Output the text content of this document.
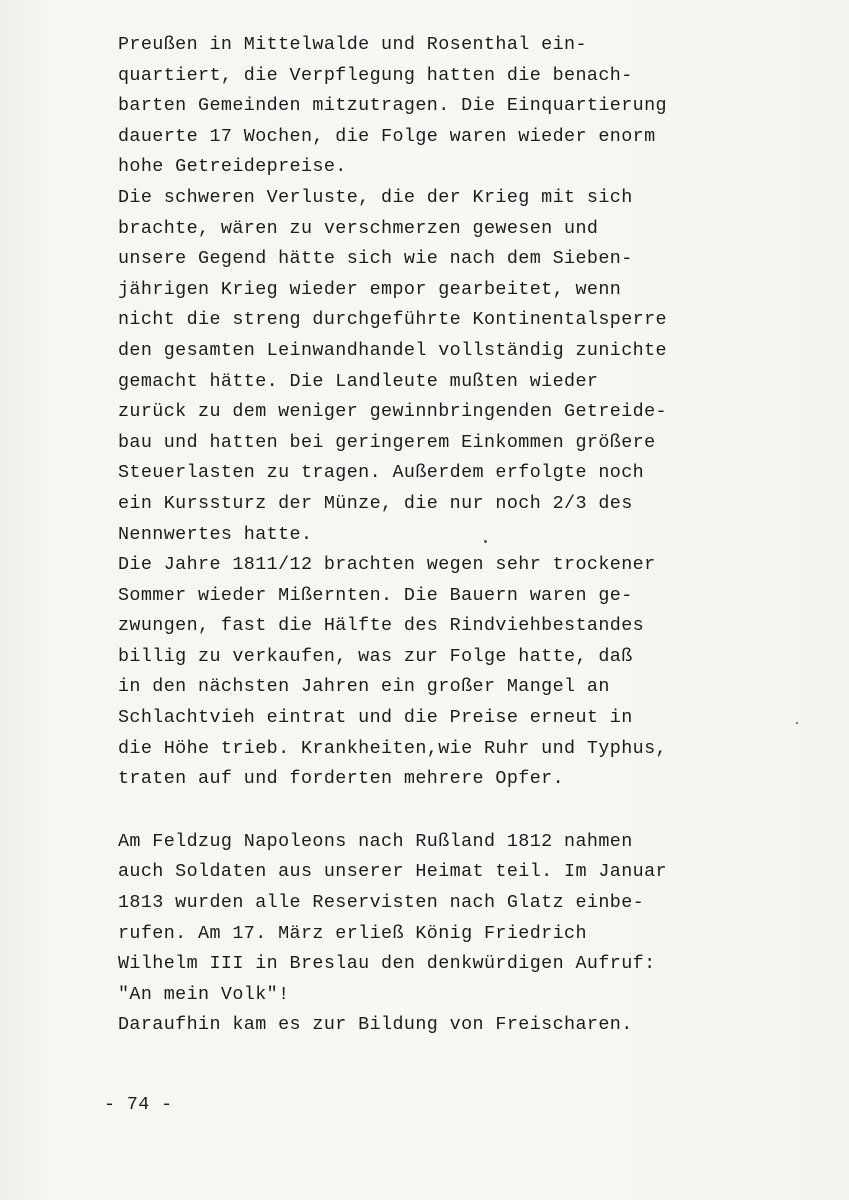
Preußen in Mittelwalde und Rosenthal ein-
quartiert, die Verpflegung hatten die benach-
barten Gemeinden mitzutragen. Die Einquartierung
dauerte 17 Wochen, die Folge waren wieder enorm
hohe Getreidepreise.
Die schweren Verluste, die der Krieg mit sich
brachte, wären zu verschmerzen gewesen und
unsere Gegend hätte sich wie nach dem Sieben-
jährigen Krieg wieder empor gearbeitet, wenn
nicht die streng durchgeführte Kontinentalsperre
den gesamten Leinwandhandel vollständig zunichte
gemacht hätte. Die Landleute mußten wieder
zurück zu dem weniger gewinnbringenden Getreide-
bau und hatten bei geringerem Einkommen größere
Steuerlasten zu tragen. Außerdem erfolgte noch
ein Kurssturz der Münze, die nur noch 2/3 des
Nennwertes hatte.
Die Jahre 1811/12 brachten wegen sehr trockener
Sommer wieder Mißernten. Die Bauern waren ge-
zwungen, fast die Hälfte des Rindviehbestandes
billig zu verkaufen, was zur Folge hatte, daß
in den nächsten Jahren ein großer Mangel an
Schlachtvieh eintrat und die Preise erneut in
die Höhe trieb. Krankheiten,wie Ruhr und Typhus,
traten auf und forderten mehrere Opfer.
Am Feldzug Napoleons nach Rußland 1812 nahmen
auch Soldaten aus unserer Heimat teil. Im Januar
1813 wurden alle Reservisten nach Glatz einbe-
rufen. Am 17. März erließ König Friedrich
Wilhelm III in Breslau den denkwürdigen Aufruf:
"An mein Volk"!
Daraufhin kam es zur Bildung von Freischaren.
- 74 -
